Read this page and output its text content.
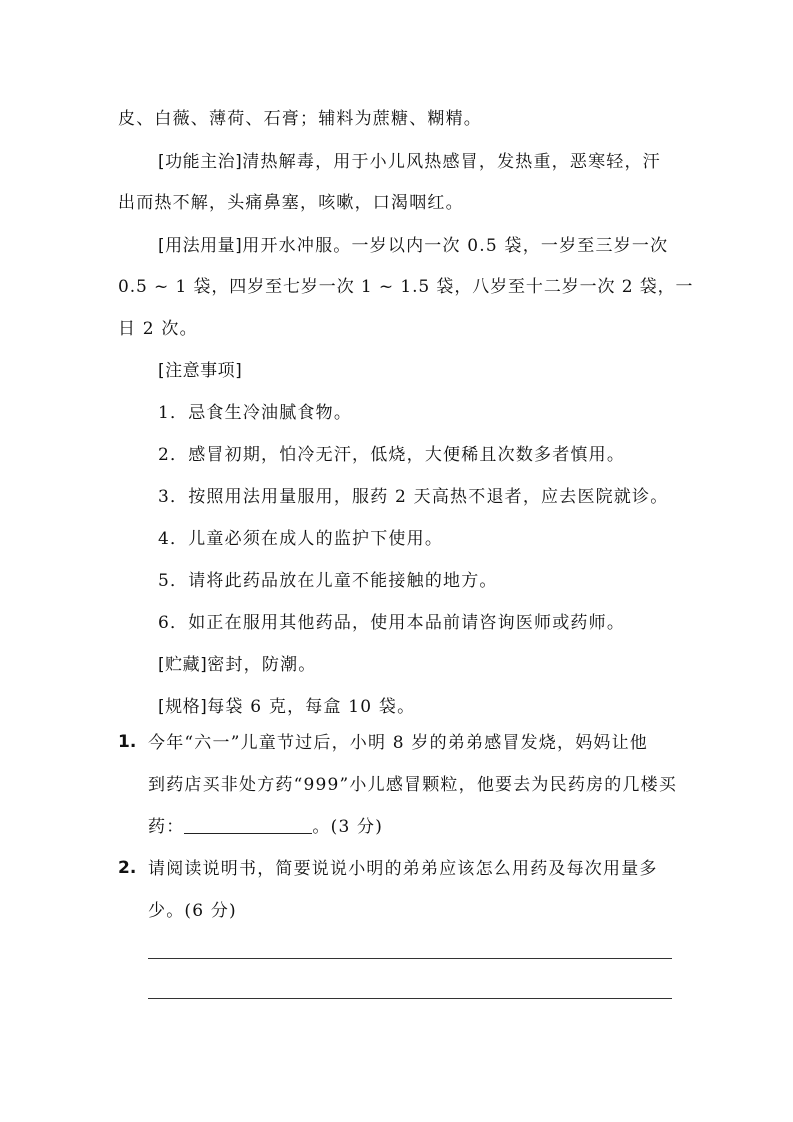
皮、白薇、薄荷、石膏；辅料为蔗糖、糊精。
[功能主治]清热解毒，用于小儿风热感冒，发热重，恶寒轻，汗
出而热不解，头痛鼻塞，咳嗽，口渴咽红。
[用法用量]用开水冲服。一岁以内一次 0.5 袋，一岁至三岁一次
0.5 ~ 1 袋，四岁至七岁一次 1 ~ 1.5 袋，八岁至十二岁一次 2 袋，一
日 2 次。
[注意事项]
1．忌食生冷油腻食物。
2．感冒初期，怕冷无汗，低烧，大便稀且次数多者慎用。
3．按照用法用量服用，服药 2 天高热不退者，应去医院就诊。
4．儿童必须在成人的监护下使用。
5．请将此药品放在儿童不能接触的地方。
6．如正在服用其他药品，使用本品前请咨询医师或药师。
[贮藏]密封，防潮。
[规格]每袋 6 克，每盒 10 袋。
1. 今年“六一”儿童节过后，小明 8 岁的弟弟感冒发烧，妈妈让他
到药店买非处方药“999”小儿感冒颗粒，他要去为民药房的几楼买
药：	。(3 分)
2. 请阅读说明书，简要说说小明的弟弟应该怎么用药及每次用量多
少。(6 分)
